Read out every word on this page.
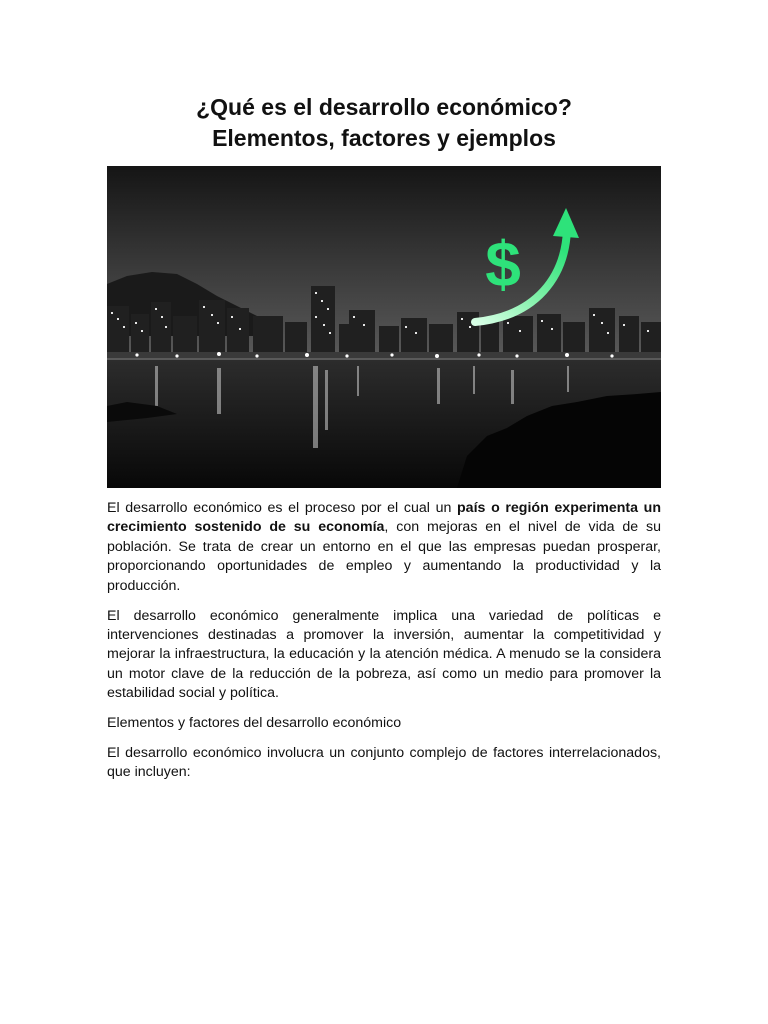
¿Qué es el desarrollo económico?
Elementos, factores y ejemplos
$

El desarrollo económico es el proceso por el cual un país o región experimenta un crecimiento sostenido de su economía, con mejoras en el nivel de vida de su población. Se trata de crear un entorno en el que las empresas puedan prosperar, proporcionando oportunidades de empleo y aumentando la productividad y la producción.

El desarrollo económico generalmente implica una variedad de políticas e intervenciones destinadas a promover la inversión, aumentar la competitividad y mejorar la infraestructura, la educación y la atención médica. A menudo se la considera un motor clave de la reducción de la pobreza, así como un medio para promover la estabilidad social y política.

Elementos y factores del desarrollo económico

El desarrollo económico involucra un conjunto complejo de factores interrelacionados, que incluyen:
